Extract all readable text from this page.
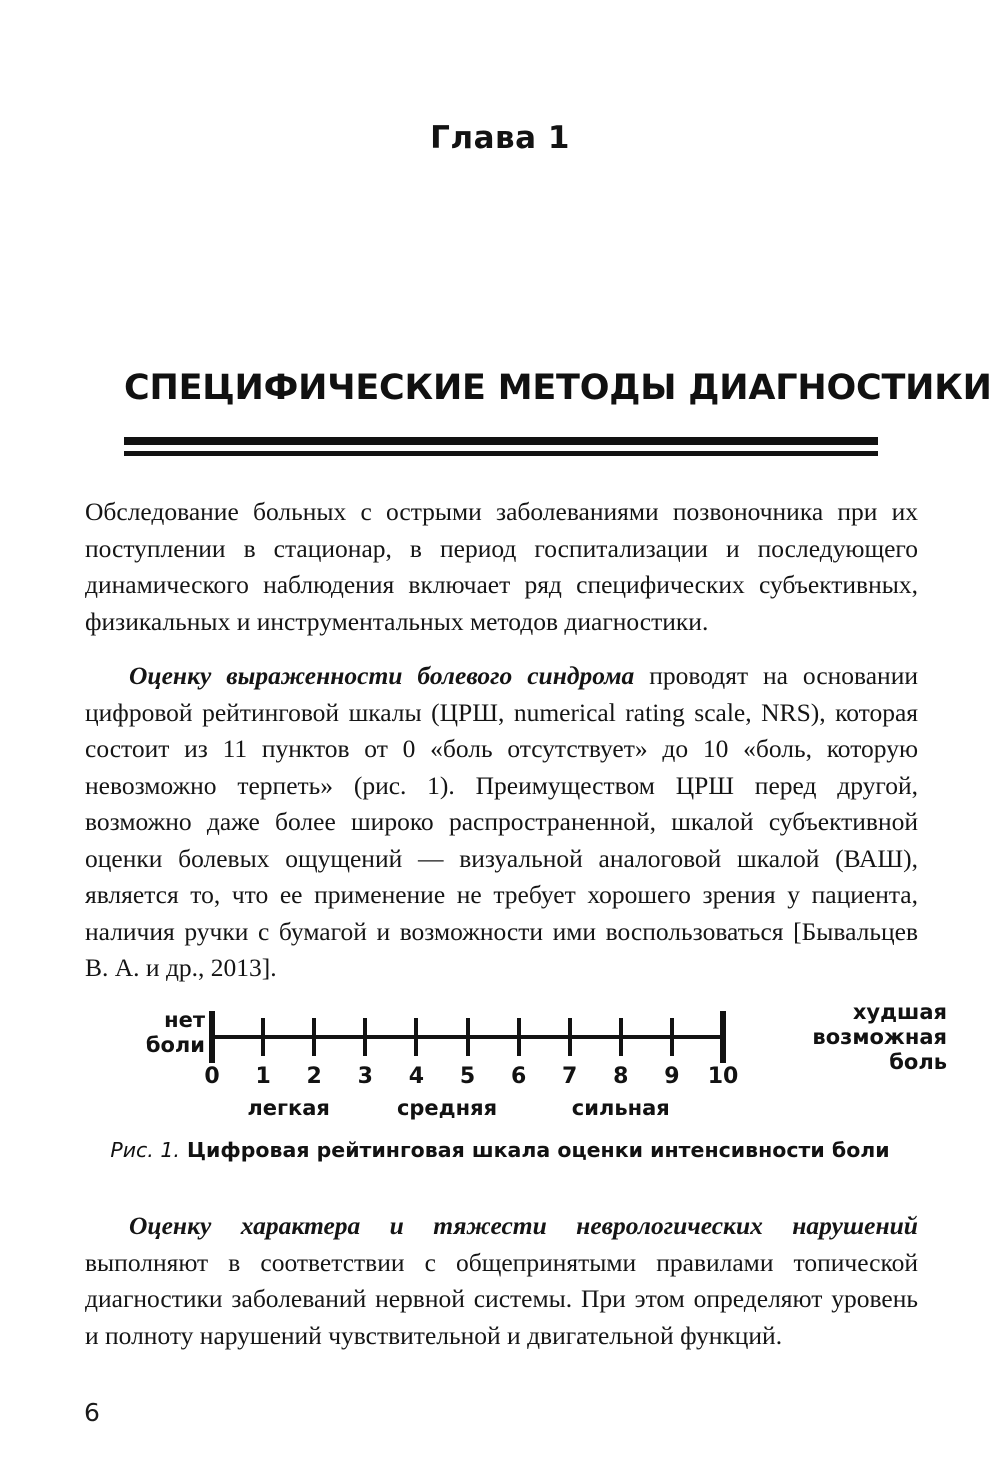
Глава 1
СПЕЦИФИЧЕСКИЕ МЕТОДЫ ДИАГНОСТИКИ

Обследование больных с острыми заболеваниями позвоночника при их поступлении в стационар, в период госпитализации и последующего динамического наблюдения включает ряд специфических субъективных, физикальных и инструментальных методов диагностики.

Оценку выраженности болевого синдрома проводят на основании цифровой рейтинговой шкалы (ЦРШ, numerical rating scale, NRS), которая состоит из 11 пунктов от 0 «боль отсутствует» до 10 «боль, которую невозможно терпеть» (рис. 1). Преимуществом ЦРШ перед другой, возможно даже более широко распространенной, шкалой субъективной оценки болевых ощущений — визуальной аналоговой шкалой (ВАШ), является то, что ее применение не требует хорошего зрения у пациента, наличия ручки с бумагой и возможности ими воспользоваться [Бывальцев В. А. и др., 2013].

нет
боли
худшая
возможная
боль
0	1	2	3	4	5	6	7	8	9	10
легкая	средняя	сильная
Рис. 1. Цифровая рейтинговая шкала оценки интенсивности боли

Оценку характера и тяжести неврологических нарушений выполняют в соответствии с общепринятыми правилами топической диагностики заболеваний нервной системы. При этом определяют уровень и полноту нарушений чувствительной и двигательной функций.

6
